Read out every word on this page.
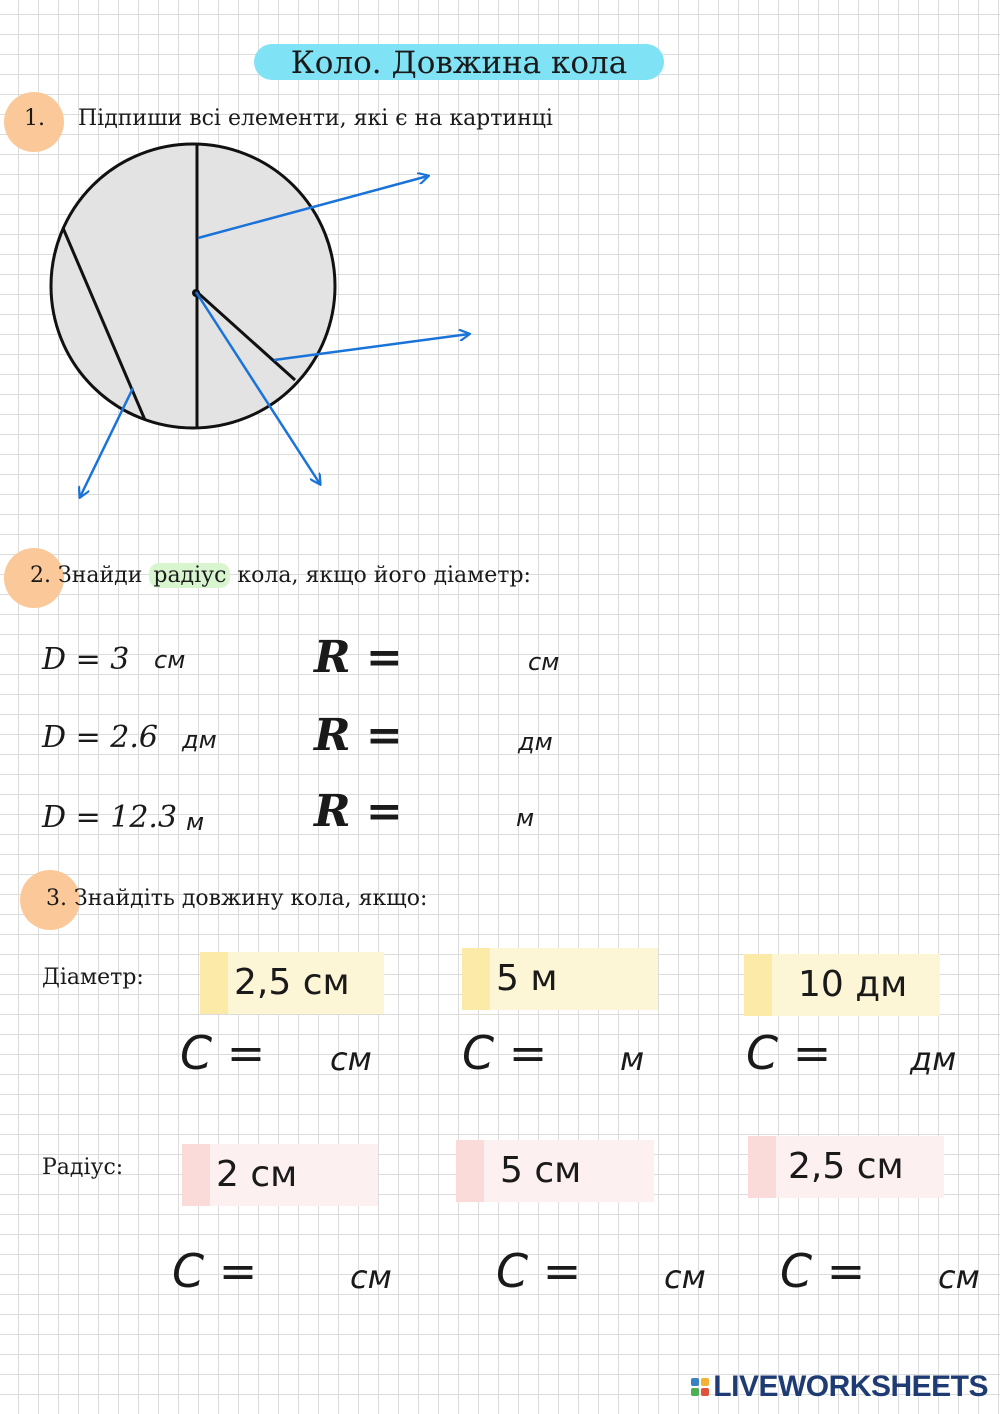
Коло. Довжина кола
1. Підпиши всі елементи, які є на картинці
2. Знайди радіус кола, якщо його діаметр:
D = 3 см	R =	см
D = 2.6 дм R =	дм
D = 12.3 м R =	м
3. Знайдіть довжину кола, якщо:
Діаметр:	2,5 см	5 м	10 дм
C = см C = м C = дм
Радіус:	2 см	5 см	2,5 см
C =	см C =	см C = см
LIVEWORKSHEETS
